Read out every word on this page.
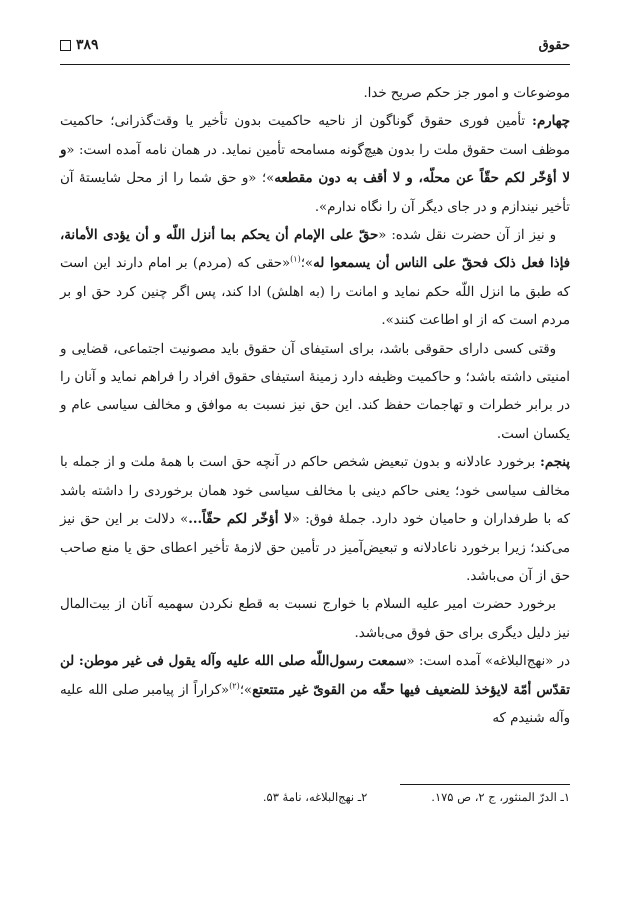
حقوق
۳۸۹

موضوعات و امور جز حکم صریح خدا.

چهارم: تأمین فوری حقوق گوناگون از ناحیه حاکمیت بدون تأخیر یا وقت‌گذرانی؛ حاکمیت موظف است حقوق ملت را بدون هیچ‌گونه مسامحه تأمین نماید. در همان نامه آمده است: «و لا أؤخّر لکم حقّاً عن محلّه، و لا أقف به دون مقطعه»؛ «و حق شما را از محل شایستهٔ آن تأخیر نیندازم و در جای دیگر آن را نگاه ندارم».

و نیز از آن حضرت نقل شده: «حقّ علی الإمام أن یحکم بما أنزل اللّه و أن یؤدی الأمانة، فإذا فعل ذلک فحقّ علی الناس أن یسمعوا له»؛$^{(۱)}$«حقی که (مردم) بر امام دارند این است که طبق ما انزل اللّه حکم نماید و امانت را (به اهلش) ادا کند، پس اگر چنین کرد حق او بر مردم است که از او اطاعت کنند».

وقتی کسی دارای حقوقی باشد، برای استیفای آن حقوق باید مصونیت اجتماعی، قضایی و امنیتی داشته باشد؛ و حاکمیت وظیفه دارد زمینهٔ استیفای حقوق افراد را فراهم نماید و آنان را در برابر خطرات و تهاجمات حفظ کند. این حق نیز نسبت به موافق و مخالف سیاسی عام و یکسان است.

پنجم: برخورد عادلانه و بدون تبعیض شخص حاکم در آنچه حق است با همهٔ ملت و از جمله با مخالف سیاسی خود؛ یعنی حاکم دینی با مخالف سیاسی خود همان برخوردی را داشته باشد که با طرفداران و حامیان خود دارد. جملهٔ فوق: «لا أؤخّر لکم حقّاً...» دلالت بر این حق نیز می‌کند؛ زیرا برخورد ناعادلانه و تبعیض‌آمیز در تأمین حق لازمهٔ تأخیر اعطای حق یا منع صاحب حق از آن می‌باشد.

برخورد حضرت امیر عليه السلام با خوارج نسبت به قطع نکردن سهمیه آنان از بیت‌المال نیز دلیل دیگری برای حق فوق می‌باشد.

در «نهج‌البلاغه» آمده است: «سمعت رسول‌اللّه صلى الله عليه وآله يقول فی غیر موطن: لن تقدّس أمّة لایؤخذ للضعیف فیها حقّه من القویّ غیر متتعتع»؛$^{(۲)}$«کراراً از پیامبر صلى الله عليه وآله شنیدم که

۱ـ الدرّ المنثور، ج ۲، ص ۱۷۵.
۲ـ نهج‌البلاغه، نامهٔ ۵۳.
